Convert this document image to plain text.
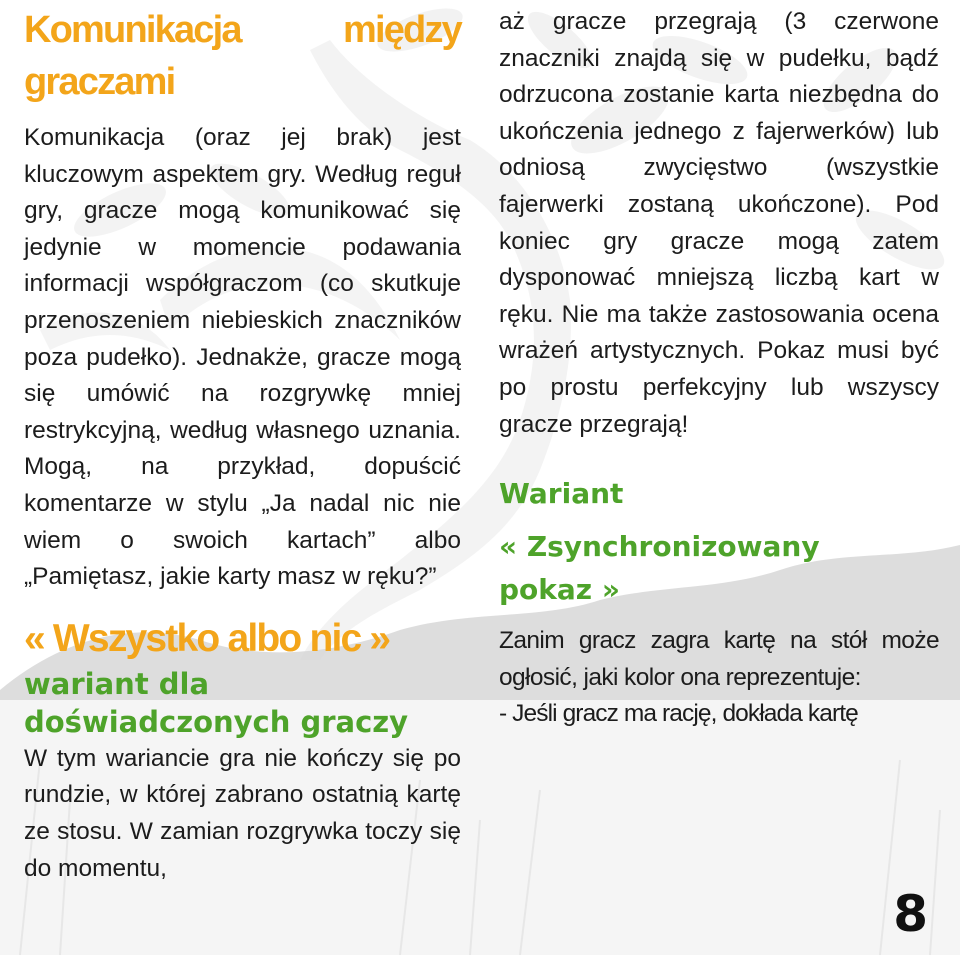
Komunikacja	między
graczami

Komunikacja (oraz jej brak) jest kluczowym aspektem gry. Według reguł gry, gracze mogą komunikować się jedynie w momencie podawania informacji współgraczom (co skutkuje przenoszeniem niebieskich znaczników poza pudełko). Jednakże, gracze mogą się umówić na rozgrywkę mniej restrykcyjną, według własnego uznania. Mogą, na przykład, dopuścić komentarze w stylu „Ja nadal nic nie wiem o swoich kartach” albo „Pamiętasz, jakie karty masz w ręku?”

« Wszystko albo nic »
wariant dla
doświadczonych graczy

W tym wariancie gra nie kończy się po rundzie, w której zabrano ostatnią kartę ze stosu. W zamian rozgrywka toczy się do momentu,

aż gracze przegrają (3 czerwone znaczniki znajdą się w pudełku, bądź odrzucona zostanie karta niezbędna do ukończenia jednego z fajerwerków) lub odniosą zwycięstwo (wszystkie fajerwerki zostaną ukończone). Pod koniec gry gracze mogą zatem dysponować mniejszą liczbą kart w ręku. Nie ma także zastosowania ocena wrażeń artystycznych. Pokaz musi być po prostu perfekcyjny lub wszyscy gracze przegrają!

Wariant
« Zsynchronizowany
pokaz »

Zanim gracz zagra kartę na stół może ogłosić, jaki kolor ona reprezentuje:

- Jeśli gracz ma rację, dokłada kartę

8
